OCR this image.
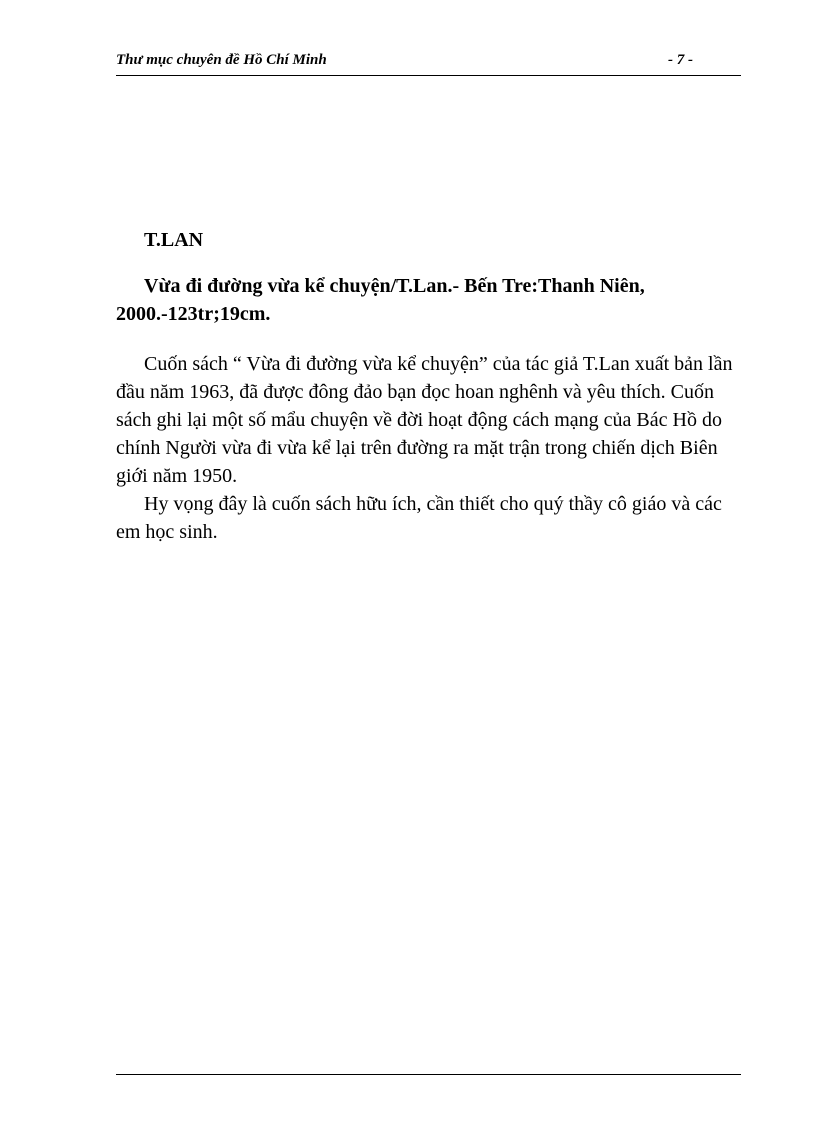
Thư mục chuyên đề Hồ Chí Minh	- 7 -

T.LAN

Vừa đi đường vừa kể chuyện/T.Lan.- Bến Tre:Thanh Niên, 2000.-123tr;19cm.

Cuốn sách “ Vừa đi đường vừa kể chuyện” của tác giả T.Lan xuất bản lần đầu năm 1963, đã được đông đảo bạn đọc hoan nghênh và yêu thích. Cuốn sách ghi lại một số mẩu chuyện về đời hoạt động cách mạng của Bác Hồ do chính Người vừa đi vừa kể lại trên đường ra mặt trận trong chiến dịch Biên giới năm 1950.

Hy vọng đây là cuốn sách hữu ích, cần thiết cho quý thầy cô giáo và các em học sinh.
